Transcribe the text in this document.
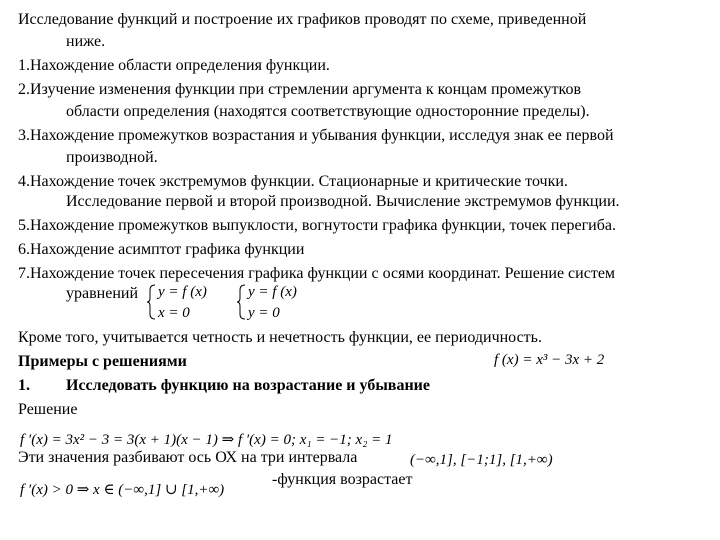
Исследование функций и построение их графиков проводят по схеме, приведенной
ниже.
1.Нахождение области определения функции.
2.Изучение изменения функции при стремлении аргумента к концам промежутков
области определения (находятся соответствующие односторонние пределы).
3.Нахождение промежутков возрастания и убывания функции, исследуя знак ее первой
производной.
4.Нахождение точек экстремумов функции. Стационарные и критические точки.
Исследование первой и второй производной. Вычисление экстремумов функции.
5.Нахождение промежутков выпуклости, вогнутости графика функции, точек перегиба.
6.Нахождение асимптот графика функции
7.Нахождение точек пересечения графика функции с осями координат. Решение систем
уравнений y = f (x)
x = 0
y = f (x)
y = 0
Кроме того, учитывается четность и нечетность функции, ее периодичность.
Примеры с решениями	f (x) = x³ − 3x + 2
1. Исследовать функцию на возрастание и убывание
Решение
f ′(x) = 3x² − 3 = 3(x + 1)(x − 1) ⇒ f ′(x) = 0; x₁ = −1; x₂ = 1
Эти значения разбивают ось ОХ на три интервала	(−∞,1], [−1;1], [1,+∞)
f ′(x) > 0 ⇒ x ∈ (−∞,1] ∪ [1,+∞)
-функция возрастает
